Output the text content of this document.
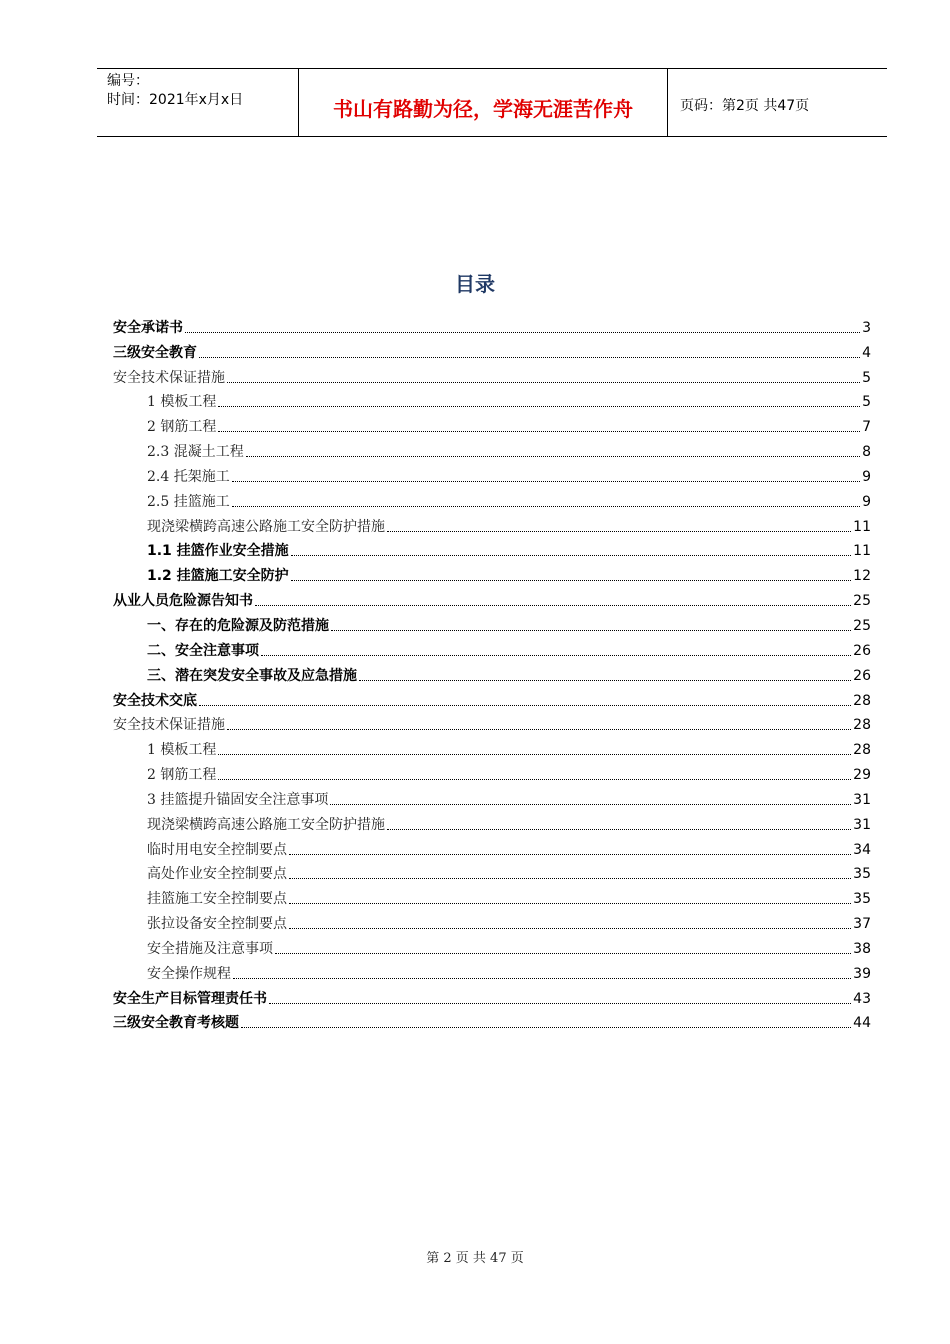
编号：
时间：2021年x月x日	书山有路勤为径，学海无涯苦作舟	页码：第2页 共47页
目录
安全承诺书	3
三级安全教育	4
安全技术保证措施	5
1 模板工程	5
2 钢筋工程	7
2.3 混凝土工程	8
2.4 托架施工	9
2.5 挂篮施工	9
现浇梁横跨高速公路施工安全防护措施	11
1.1 挂篮作业安全措施	11
1.2 挂篮施工安全防护	12
从业人员危险源告知书	25
一、存在的危险源及防范措施	25
二、安全注意事项	26
三、潜在突发安全事故及应急措施	26
安全技术交底	28
安全技术保证措施	28
1 模板工程	28
2 钢筋工程	29
3 挂篮提升锚固安全注意事项	31
现浇梁横跨高速公路施工安全防护措施	31
临时用电安全控制要点	34
高处作业安全控制要点	35
挂篮施工安全控制要点	35
张拉设备安全控制要点	37
安全措施及注意事项	38
安全操作规程	39
安全生产目标管理责任书	43
三级安全教育考核题	44
第 2 页 共 47 页
